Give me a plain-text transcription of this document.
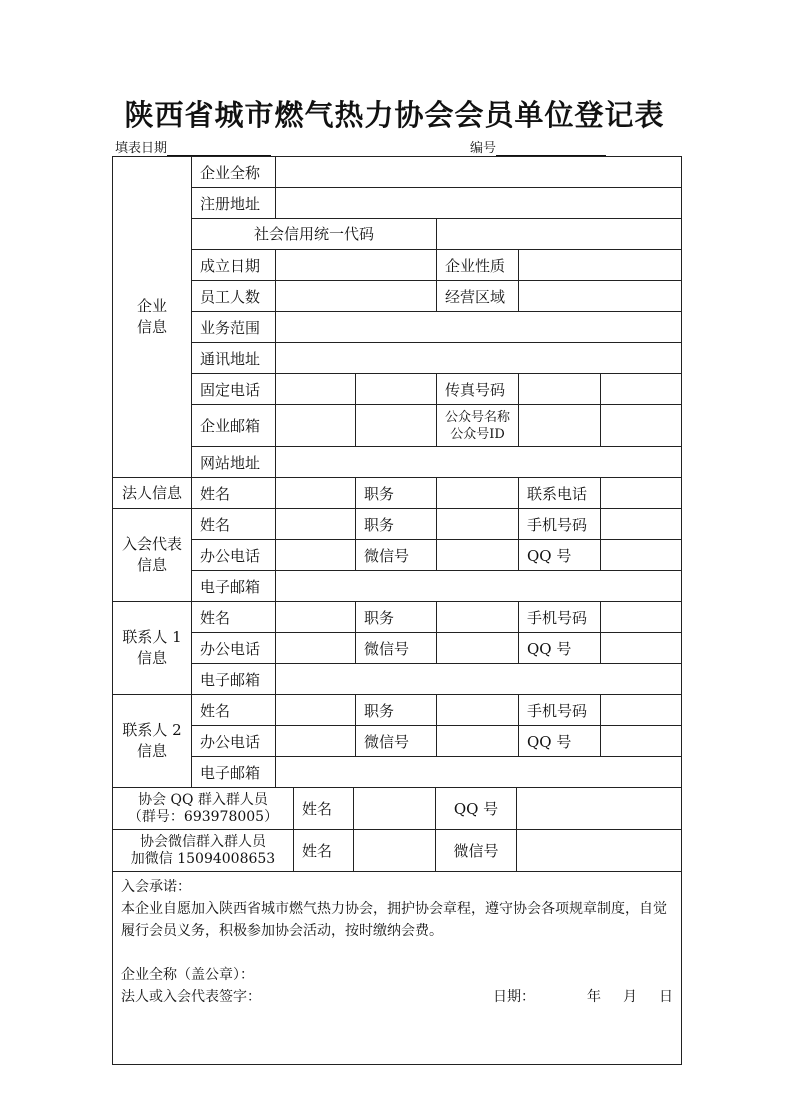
陕西省城市燃气热力协会会员单位登记表
填表日期	编号
企业
信息	企业全称					
	注册地址					
	社会信用统一代码					
	成立日期			企业性质		
	员工人数			经营区域		
	业务范围					
	通讯地址					
	固定电话			传真号码		
	企业邮箱			公众号名称
公众号ID		
	网站地址					
法人信息	姓名		职务		联系电话	
入会代表
信息	姓名		职务		手机号码	
	办公电话		微信号		QQ 号	
	电子邮箱					
联系人 1
信息	姓名		职务		手机号码	
	办公电话		微信号		QQ 号	
	电子邮箱					
联系人 2
信息	姓名		职务		手机号码	
	办公电话		微信号		QQ 号	
	电子邮箱					
协会 QQ 群入群人员
（群号：693978005）	姓名		QQ 号	
协会微信群入群人员
加微信 15094008653	姓名		微信号	

入会承诺：
本企业自愿加入陕西省城市燃气热力协会，拥护协会章程，遵守协会各项规章制度，自觉履行会员义务，积极参加协会活动，按时缴纳会费。
企业全称（盖公章）：
法人或入会代表签字： 日期： 年 月 日				
